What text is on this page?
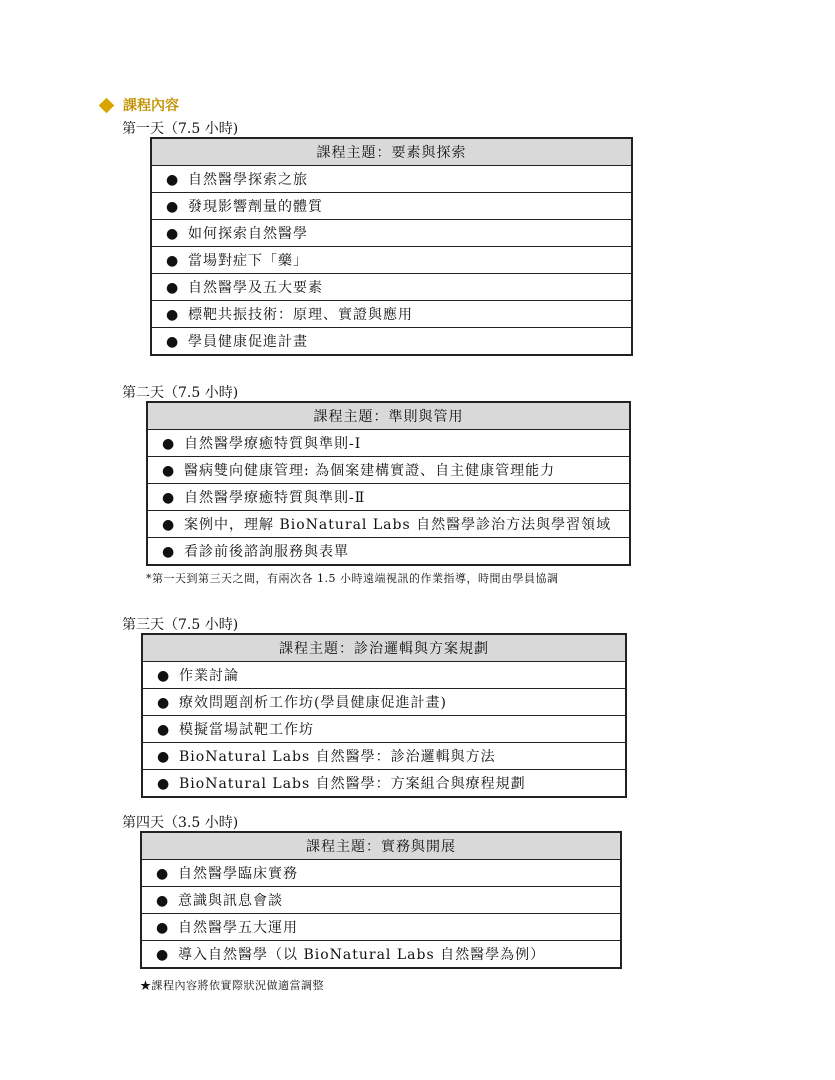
課程內容
第一天（7.5 小時)
課程主題：要素與探索
● 自然醫學探索之旅
● 發現影響劑量的體質
● 如何探索自然醫學
● 當場對症下「藥」
● 自然醫學及五大要素
● 標靶共振技術：原理、實證與應用
● 學員健康促進計畫
第二天（7.5 小時)
課程主題：準則與管用
● 自然醫學療癒特質與準則-Ⅰ
● 醫病雙向健康管理: 為個案建構實證、自主健康管理能力
● 自然醫學療癒特質與準則-Ⅱ
● 案例中，理解 BioNatural Labs 自然醫學診治方法與學習領域
● 看診前後諮詢服務與表單
*第一天到第三天之間，有兩次各 1.5 小時遠端視訊的作業指導，時間由學員協調
第三天（7.5 小時)
課程主題：診治邏輯與方案規劃
● 作業討論
● 療效問題剖析工作坊(學員健康促進計畫)
● 模擬當場試靶工作坊
● BioNatural Labs 自然醫學：診治邏輯與方法
● BioNatural Labs 自然醫學：方案組合與療程規劃
第四天（3.5 小時)
課程主題：實務與開展
● 自然醫學臨床實務
● 意識與訊息會談
● 自然醫學五大運用
● 導入自然醫學（以 BioNatural Labs 自然醫學為例）
★課程內容將依實際狀況做適當調整
